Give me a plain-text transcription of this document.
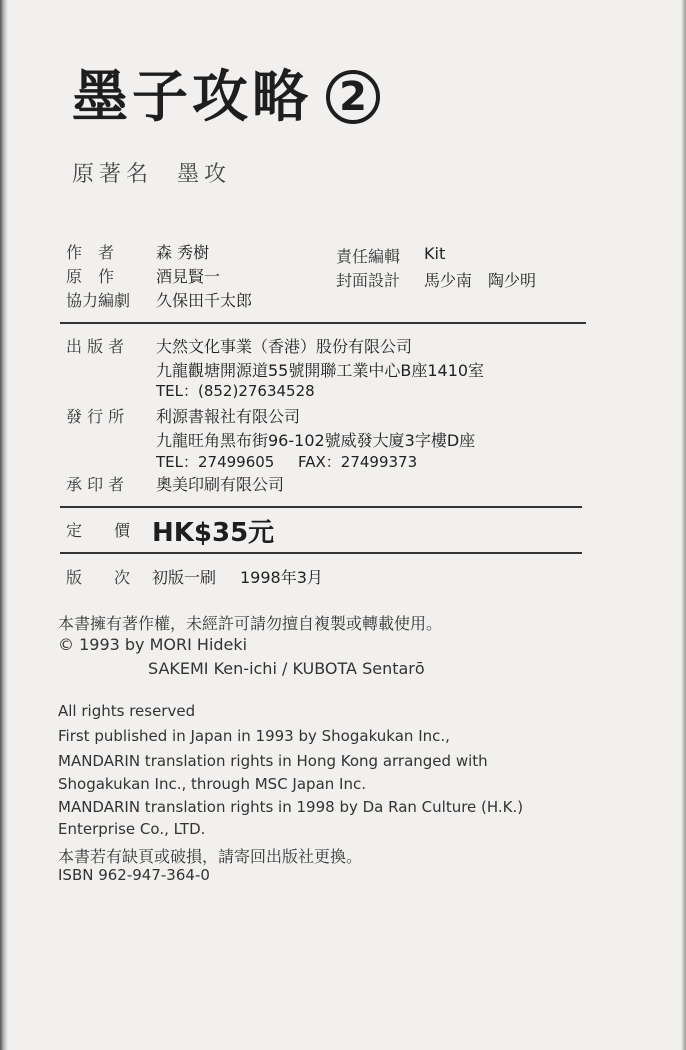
墨子攻略 2
原著名 墨攻
作　者	森 秀樹
原　作	酒見賢一
協力編劇 久保田千太郎
責任編輯 Kit
封面設計 馬少南　陶少明
出 版 者 大然文化事業（香港）股份有限公司
九龍觀塘開源道55號開聯工業中心B座1410室
TEL：(852)27634528
發 行 所 利源書報社有限公司
九龍旺角黑布街96-102號威發大廈3字樓D座
TEL：27499605 FAX：27499373
承 印 者 奧美印刷有限公司
定　　價 HK$35元
版　　次 初版一刷 1998年3月
本書擁有著作權，未經許可請勿擅自複製或轉載使用。
© 1993 by MORI Hideki
SAKEMI Ken-ichi / KUBOTA Sentarō
All rights reserved
First published in Japan in 1993 by Shogakukan Inc.,
MANDARIN translation rights in Hong Kong arranged with
Shogakukan Inc., through MSC Japan Inc.
MANDARIN translation rights in 1998 by Da Ran Culture (H.K.)
Enterprise Co., LTD.
本書若有缺頁或破損，請寄回出版社更換。
ISBN 962-947-364-0
